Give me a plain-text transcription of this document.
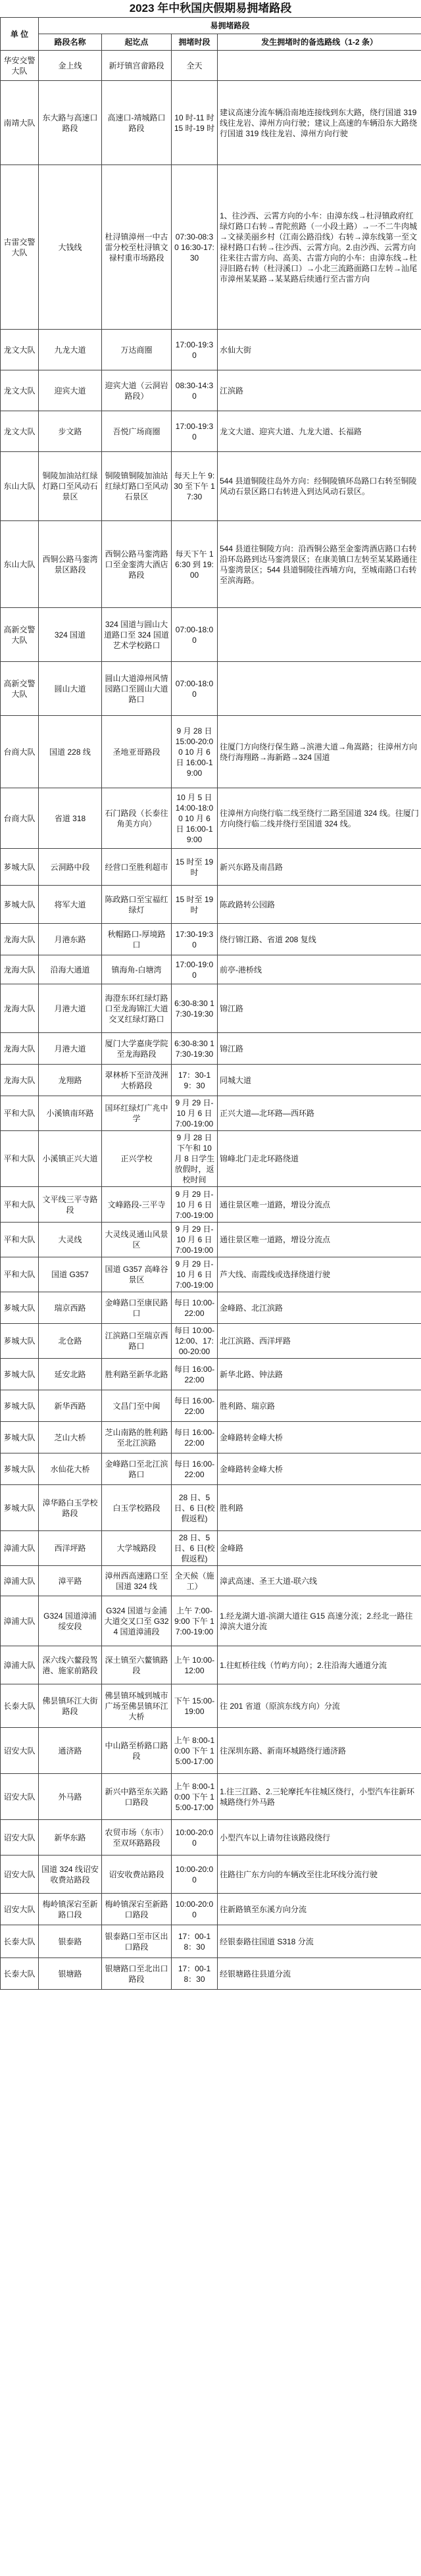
2023 年中秋国庆假期易拥堵路段
单 位	易拥堵路段			
	路段名称	起讫点	拥堵时段	发生拥堵时的备选路线（1-2 条）
华安交警大队	金上线	新圩镇宫畲路段	全天	
南靖大队	东大路与高速口路段	高速口-靖城路口路段	10 时-11 时 15 时-19 时	建议高速分流车辆沿南地连接线到东大路，绕行国道 319 线往龙岩、漳州方向行驶；建议上高速的车辆沿东大路绕行国道 319 线往龙岩、漳州方向行驶
古雷交警大队	大钱线	杜浔镇漳州一中古雷分校至杜浔镇文禄村重市场路段	07:30-08:30 16:30-17:30	1、往沙西、云霄方向的小车：由漳东线→杜浔镇政府红绿灯路口右转→青陀煎路（一小段土路）→一不二牛肉城→文禄美丽乡村（江南公路沿线）右转→漳东线第一至文禄村路口右转→往沙西、云霄方向。2.由沙西、云霄方向往来往古雷方向、高美、古雷方向的小车：由漳东线→杜浔旧路右转（杜浔溪口）→小北三流路面路口左转→汕尾市漳州某某路→某某路后续通行至古雷方向
龙文大队	九龙大道	万达商圈	17:00-19:30	水仙大街
龙文大队	迎宾大道	迎宾大道（云洞岩路段）	08:30-14:30	江滨路
龙文大队	步文路	吾悦广场商圈	17:00-19:30	龙文大道、迎宾大道、九龙大道、长福路
东山大队	铜陵加油站红绿灯路口至风动石景区	铜陵镇铜陵加油站红绿灯路口至风动石景区	每天上午 9:30 至下午 17:30	544 县道铜陵往岛外方向：经铜陵镇环岛路口右转至铜陵风动石景区路口右转进入到达风动石景区。
东山大队	西铜公路马銮湾景区路段	西铜公路马銮湾路口至金銮湾大酒店路段	每天下午 16:30 到 19:00	544 县道往铜陵方向：沿西铜公路至金銮湾酒店路口右转沿环岛路到达马銮湾景区；在康美镇口左转至某某路通往马銮湾景区；544 县道铜陵往西埔方向，至城南路口右转至滨海路。
高新交警大队	324 国道	324 国道与圆山大道路口至 324 国道艺术学校路口	07:00-18:00	
高新交警大队	圆山大道	圆山大道漳州风情园路口至圆山大道路口	07:00-18:00	
台商大队	国道 228 线	圣地亚哥路段	9 月 28 日 15:00-20:00 10 月 6 日 16:00-19:00	往厦门方向绕行保生路→滨港大道→角嵩路；往漳州方向绕行海翔路→海新路→324 国道
台商大队	省道 318	石门路段（长泰往角美方向）	10 月 5 日 14:00-18:00 10 月 6 日 16:00-19:00	往漳州方向绕行临二线至绕行二路至国道 324 线。往厦门方向绕行临二线并绕行至国道 324 线。
芗城大队	云洞路中段	经营口至胜利超市	15 时至 19 时	新兴东路及南昌路
芗城大队	将军大道	陈政路口至宝福红绿灯	15 时至 19 时	陈政路转公园路
龙海大队	月港东路	秋帽路口-厚境路口	17:30-19:30	绕行锦江路、省道 208 复线
龙海大队	沿海大通道	镇海角-白塘湾	17:00-19:00	前亭-港桥线
龙海大队	月港大道	海澄东环红绿灯路口至龙海锦江大道交叉红绿灯路口	6:30-8:30 17:30-19:30	锦江路
龙海大队	月港大道	厦门大学嘉庚学院至龙海路段	6:30-8:30 17:30-19:30	锦江路
龙海大队	龙翔路	翠林桥下至浒茂洲大桥路段	17：30-19：30	同城大道
平和大队	小溪镇南环路	国环红绿灯广兆中学	9 月 29 日-10 月 6 日 7:00-19:00	正兴大道—北环路—西环路
平和大队	小溪镇正兴大道	正兴学校	9 月 28 日下午和 10 月 8 日学生放假时，返校时间	锦峰北门走北环路绕道
平和大队	文平线三平寺路段	文峰路段-三平寺	9 月 29 日-10 月 6 日 7:00-19:00	通往景区唯一道路，增设分流点
平和大队	大灵线	大灵线灵通山风景区	9 月 29 日-10 月 6 日 7:00-19:00	通往景区唯一道路，增设分流点
平和大队	国道 G357	国道 G357 高峰谷景区	9 月 29 日-10 月 6 日 7:00-19:00	芦大线、南霞线或选择绕道行驶
芗城大队	瑞京西路	金峰路口至康民路口	每日 10:00-22:00	金峰路、北江滨路
芗城大队	北仓路	江滨路口至瑞京西路口	每日 10:00-12:00、17:00-20:00	北江滨路、西洋坪路
芗城大队	延安北路	胜利路至新华北路	每日 16:00-22:00	新华北路、钟法路
芗城大队	新华西路	文昌门至中闽	每日 16:00-22:00	胜利路、瑞京路
芗城大队	芝山大桥	芝山南路的胜利路至北江滨路	每日 16:00-22:00	金峰路转金峰大桥
芗城大队	水仙花大桥	金峰路口至北江滨路口	每日 16:00-22:00	金峰路转金峰大桥
芗城大队	漳华路白玉学校路段	白玉学校路段	28 日、5 日、6 日(校假返程)	胜利路
漳浦大队	西洋坪路	大学城路段	28 日、5 日、6 日(校假返程)	金峰路
漳浦大队	漳平路	漳州西高速路口至国道 324 线	全天候（施工）	漳武高速、圣王大道-联六线
漳浦大队	G324 国道漳浦绥安段	G324 国道与金浦大道交叉口至 G324 国道漳浦段	上午 7:00-9:00 下午 17:00-19:00	1.经龙湖大道-滨湖大道往 G15 高速分流；2.经北一路往漳滨大道分流
漳浦大队	深六线六鳌段驾港、施家前路段	深土镇至六鳌镇路段	上午 10:00-12:00	1.往虹桥往线（竹屿方向）；2.往沿海大通道分流
长泰大队	佛昙镇环江大街路段	佛昙镇环城到城市广场至佛昙镇环江大桥	下午 15:00-19:00	往 201 省道（原滨东线方向）分流
诏安大队	通济路	中山路至桥路口路段	上午 8:00-10:00 下午 15:00-17:00	往深圳东路、新南环城路绕行通济路
诏安大队	外马路	新兴中路至东关路口路段	上午 8:00-10:00 下午 15:00-17:00	1.往三江路、2.三轮摩托车往城区绕行，小型汽车往新环城路绕行外马路
诏安大队	新华东路	农贸市场（东市）至双环路路段	10:00-20:00	小型汽车以上请勿往该路段绕行
诏安大队	国道 324 线诏安收费站路段	诏安收费站路段	10:00-20:00	往路往广东方向的车辆改至往北环线分流行驶
诏安大队	梅岭镇深宕至新路口段	梅岭镇深宕至新路口路段	10:00-20:00	往新路镇至东溪方向分流
长泰大队	银泰路	银泰路口至市区出口路段	17：00-18：30	经银泰路往国道 S318 分流
长泰大队	银塘路	银塘路口至北出口路段	17：00-18：30	经银塘路往县道分流
